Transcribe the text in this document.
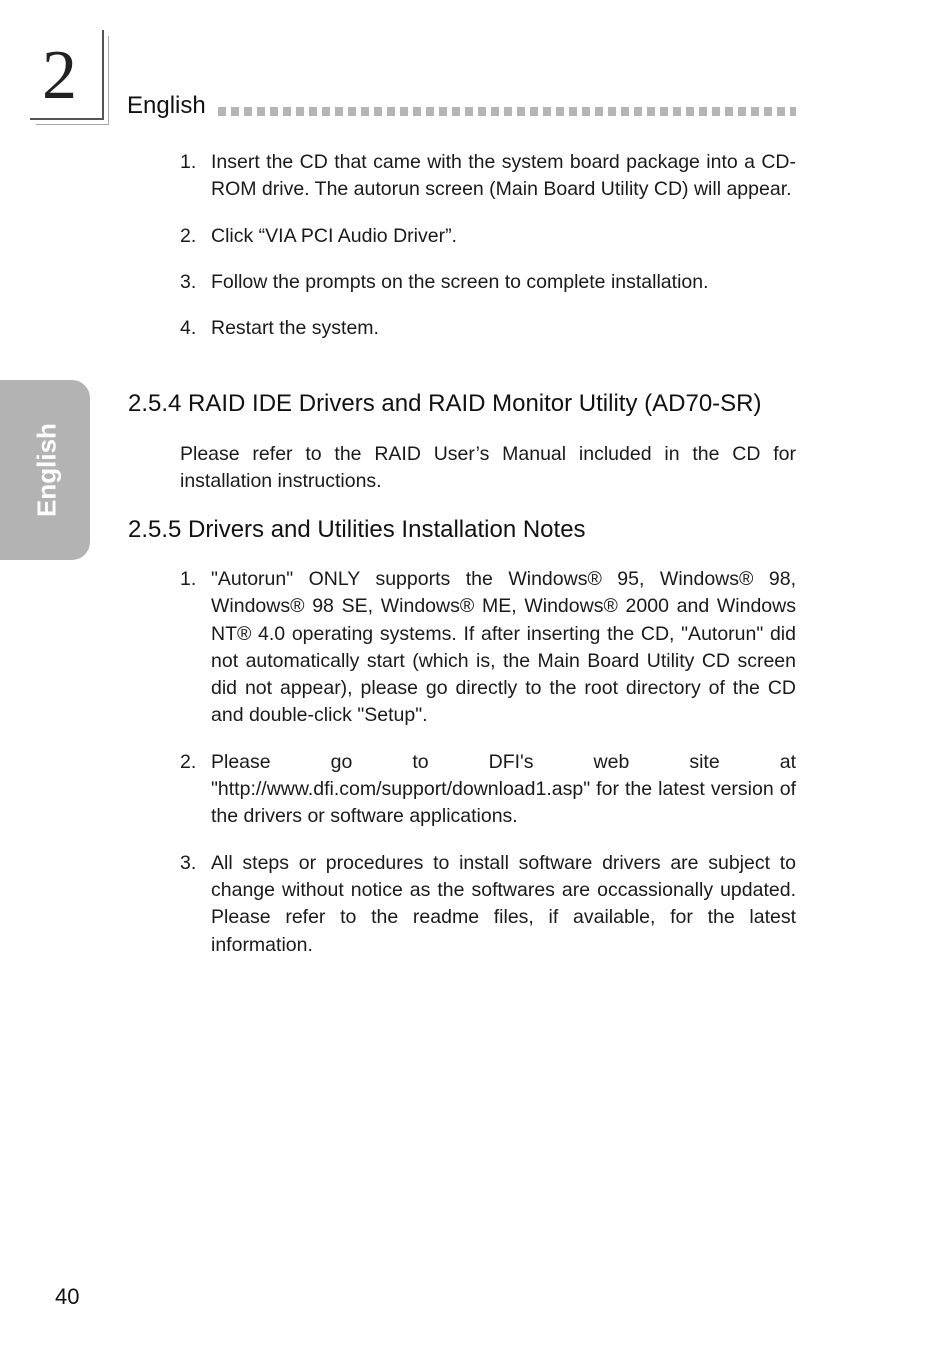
2 English
English
1. Insert the CD that came with the system board package into a CD-ROM drive. The autorun screen (Main Board Utility CD) will appear.
2. Click “VIA PCI Audio Driver”.
3. Follow the prompts on the screen to complete installation.
4. Restart the system.
2.5.4 RAID IDE Drivers and RAID Monitor Utility (AD70-SR)
Please refer to the RAID User’s Manual included in the CD for installation instructions.
2.5.5 Drivers and Utilities Installation Notes
1. "Autorun" ONLY supports the Windows® 95, Windows® 98, Windows® 98 SE, Windows® ME, Windows® 2000 and Windows NT® 4.0 operating systems. If after inserting the CD, "Autorun" did not automatically start (which is, the Main Board Utility CD screen did not appear), please go directly to the root directory of the CD and double-click "Setup".
2. Please go to DFI's web site at "http://www.dfi.com/support/download1.asp" for the latest version of the drivers or software applications.
3. All steps or procedures to install software drivers are subject to change without notice as the softwares are occassionally updated. Please refer to the readme files, if available, for the latest information.
40
